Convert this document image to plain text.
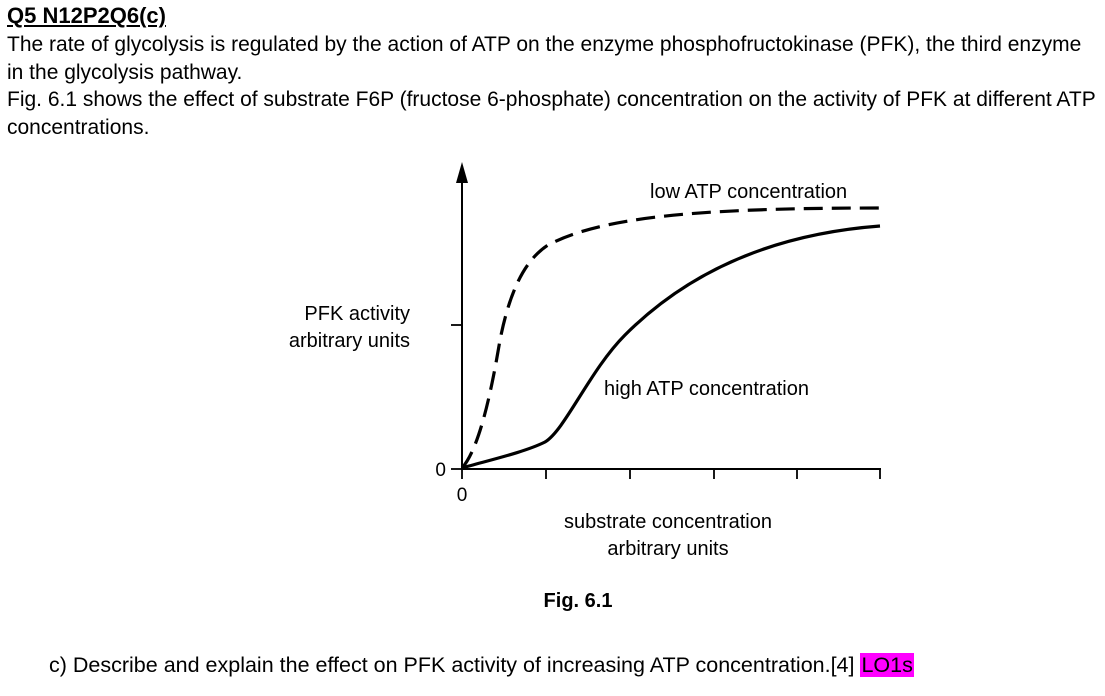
Q5 N12P2Q6(c)

The rate of glycolysis is regulated by the action of ATP on the enzyme phosphofructokinase (PFK), the third enzyme in the glycolysis pathway.

Fig. 6.1 shows the effect of substrate F6P (fructose 6-phosphate) concentration on the activity of PFK at different ATP concentrations.

PFK activity
arbitrary units
0
0
substrate concentration
arbitrary units
low ATP concentration
high ATP concentration
Fig. 6.1
c) Describe and explain the effect on PFK activity of increasing ATP concentration.[4] LO1s
